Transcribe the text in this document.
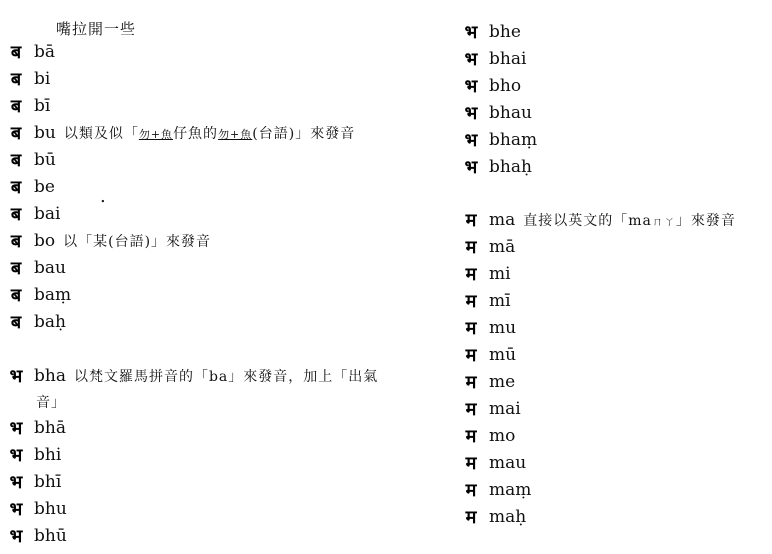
嘴拉開一些
ब bā
ब bi
ब bī
ब bu 以類及似「勿+魚仔魚的勿+魚(台語)」來發音
ब bū
ब be	.
ब bai
ब bo 以「某(台語)」來發音
ब bau
ब baṃ
ब baḥ
भ bha 以梵文羅馬拼音的「ba」來發音，加上「出氣
音」
भ bhā
भ bhi
भ bhī
भ bhu
भ bhū
भ bhe
भ bhai
भ bho
भ bhau
भ bhaṃ
भ bhaḥ
म ma 直接以英文的「maㄇㄚ」來發音
म mā
म mi
म mī
म mu
म mū
म me
म mai
म mo
म mau
म maṃ
म maḥ
